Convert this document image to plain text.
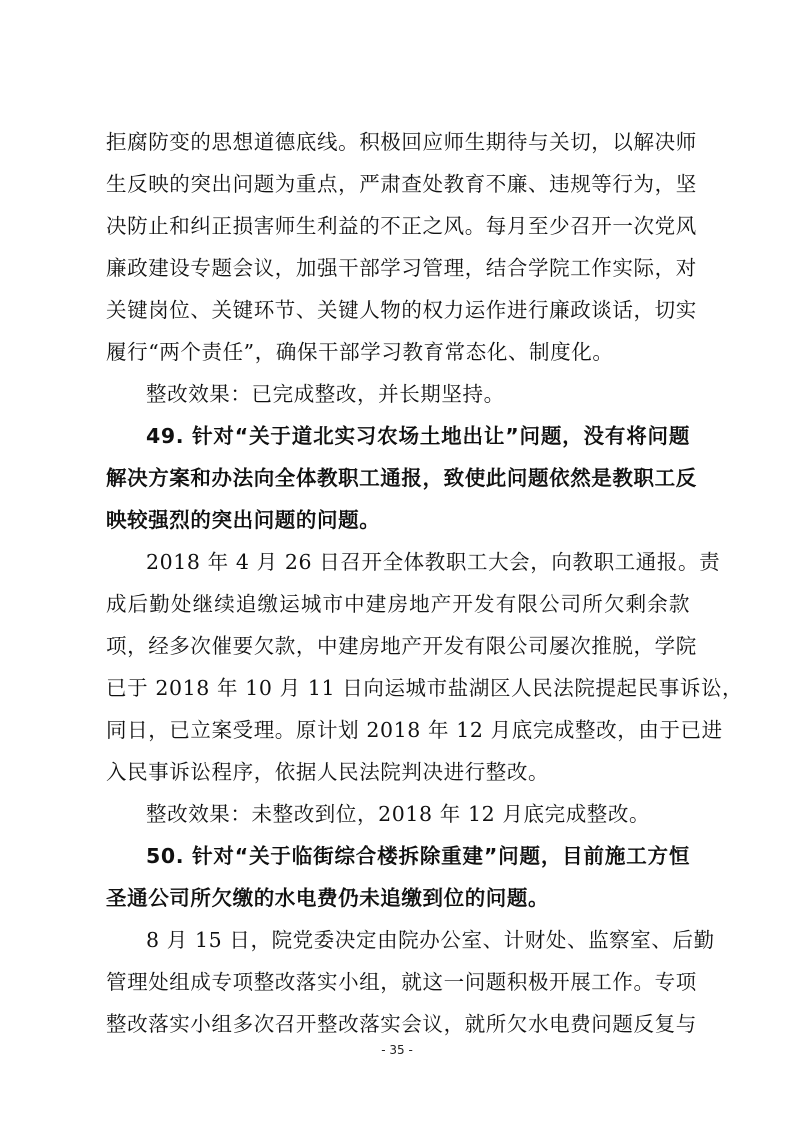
拒腐防变的思想道德底线。积极回应师生期待与关切，以解决师
生反映的突出问题为重点，严肃查处教育不廉、违规等行为，坚
决防止和纠正损害师生利益的不正之风。每月至少召开一次党风
廉政建设专题会议，加强干部学习管理，结合学院工作实际，对
关键岗位、关键环节、关键人物的权力运作进行廉政谈话，切实
履行“两个责任”，确保干部学习教育常态化、制度化。
整改效果：已完成整改，并长期坚持。
49. 针对“关于道北实习农场土地出让”问题，没有将问题
解决方案和办法向全体教职工通报，致使此问题依然是教职工反
映较强烈的突出问题的问题。
2018 年 4 月 26 日召开全体教职工大会，向教职工通报。责
成后勤处继续追缴运城市中建房地产开发有限公司所欠剩余款
项，经多次催要欠款，中建房地产开发有限公司屡次推脱，学院
已于 2018 年 10 月 11 日向运城市盐湖区人民法院提起民事诉讼，
同日，已立案受理。原计划 2018 年 12 月底完成整改，由于已进
入民事诉讼程序，依据人民法院判决进行整改。
整改效果：未整改到位，2018 年 12 月底完成整改。
50. 针对“关于临街综合楼拆除重建”问题，目前施工方恒
圣通公司所欠缴的水电费仍未追缴到位的问题。
8 月 15 日，院党委决定由院办公室、计财处、监察室、后勤
管理处组成专项整改落实小组，就这一问题积极开展工作。专项
整改落实小组多次召开整改落实会议，就所欠水电费问题反复与
- 35 -
